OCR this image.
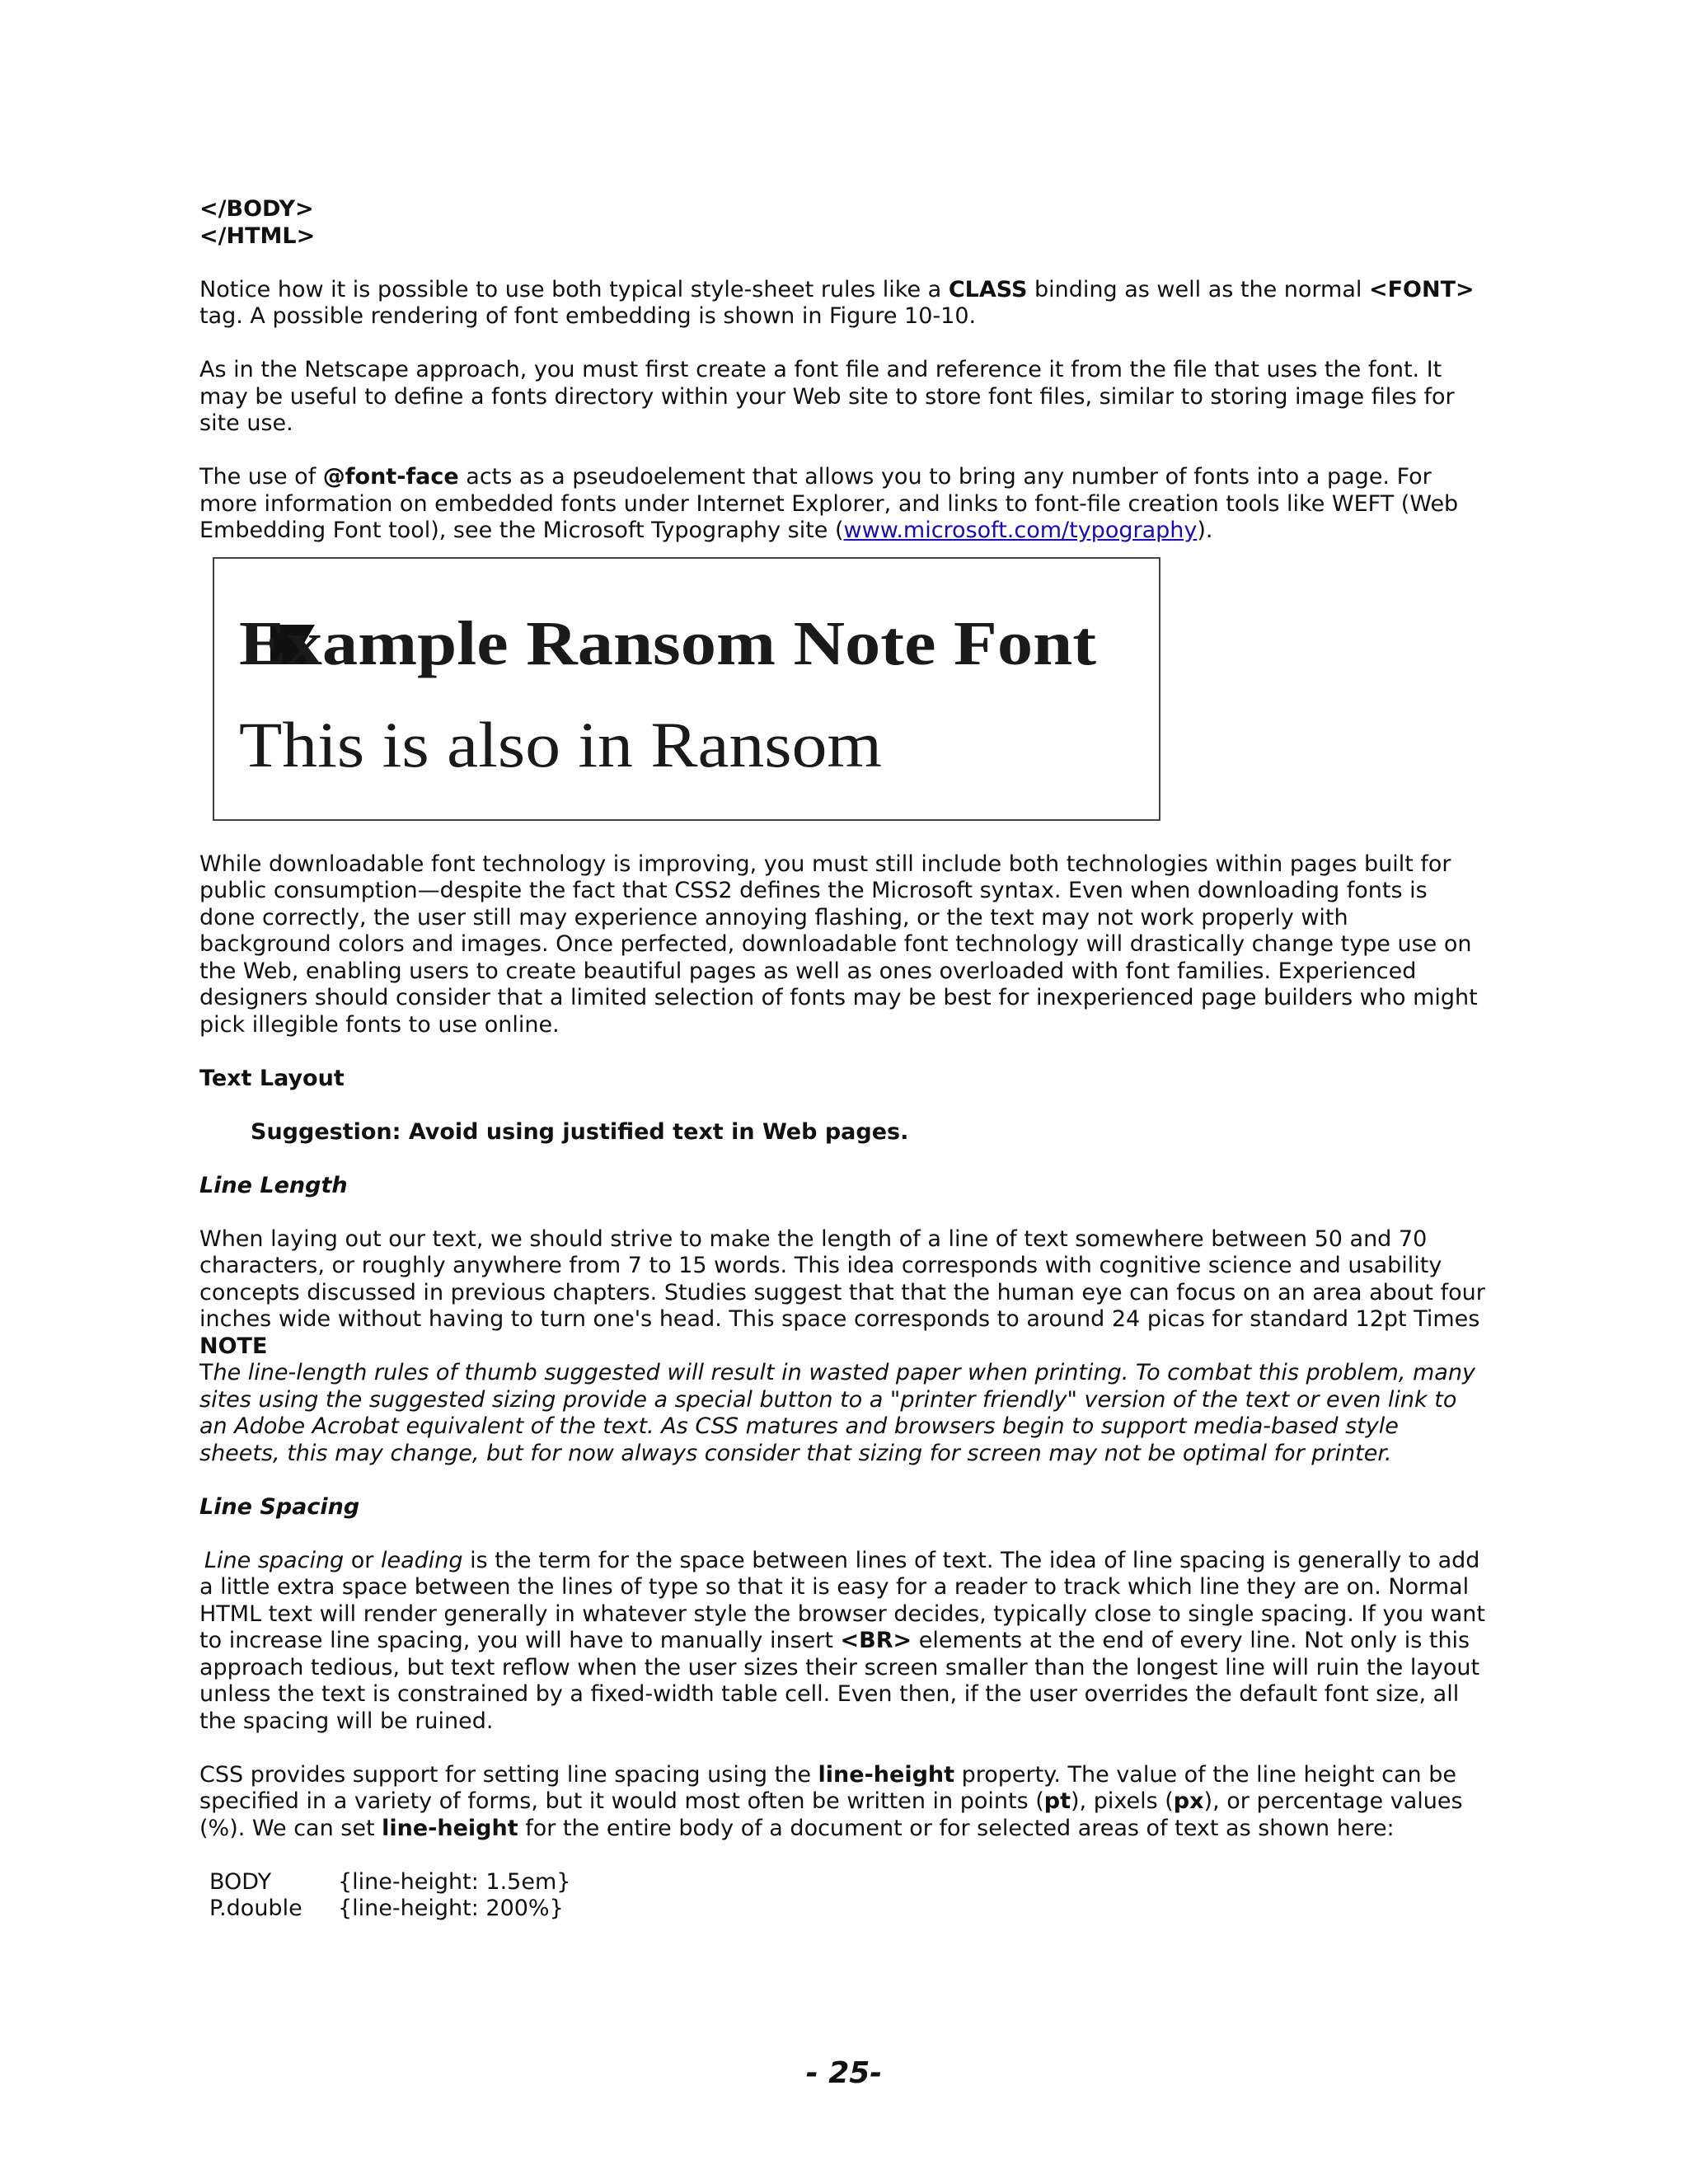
</BODY>

</HTML>

Notice how it is possible to use both typical style-sheet rules like a CLASS binding as well as the normal <FONT> tag. A possible rendering of font embedding is shown in Figure 10-10.

As in the Netscape approach, you must first create a font file and reference it from the file that uses the font. It may be useful to define a fonts directory within your Web site to store font files, similar to storing image files for site use.

The use of @font-face acts as a pseudoelement that allows you to bring any number of fonts into a page. For more information on embedded fonts under Internet Explorer, and links to font-file creation tools like WEFT (Web Embedding Font tool), see the Microsoft Typography site (www.microsoft.com/typography).

While downloadable font technology is improving, you must still include both technologies within pages built for public consumption—despite the fact that CSS2 defines the Microsoft syntax. Even when downloading fonts is done correctly, the user still may experience annoying flashing, or the text may not work properly with background colors and images. Once perfected, downloadable font technology will drastically change type use on the Web, enabling users to create beautiful pages as well as ones overloaded with font families. Experienced designers should consider that a limited selection of fonts may be best for inexperienced page builders who might pick illegible fonts to use online.

Text Layout

Suggestion: Avoid using justified text in Web pages.

Line Length

When laying out our text, we should strive to make the length of a line of text somewhere between 50 and 70 characters, or roughly anywhere from 7 to 15 words. This idea corresponds with cognitive science and usability concepts discussed in previous chapters. Studies suggest that that the human eye can focus on an area about four inches wide without having to turn one's head. This space corresponds to around 24 picas for standard 12pt Times

NOTE

The line-length rules of thumb suggested will result in wasted paper when printing. To combat this problem, many sites using the suggested sizing provide a special button to a "printer friendly" version of the text or even link to an Adobe Acrobat equivalent of the text. As CSS matures and browsers begin to support media-based style sheets, this may change, but for now always consider that sizing for screen may not be optimal for printer.

Line Spacing

Line spacing or leading is the term for the space between lines of text. The idea of line spacing is generally to add a little extra space between the lines of type so that it is easy for a reader to track which line they are on. Normal HTML text will render generally in whatever style the browser decides, typically close to single spacing. If you want to increase line spacing, you will have to manually insert <BR> elements at the end of every line. Not only is this approach tedious, but text reflow when the user sizes their screen smaller than the longest line will ruin the layout unless the text is constrained by a fixed-width table cell. Even then, if the user overrides the default font size, all the spacing will be ruined.

CSS provides support for setting line spacing using the line-height property. The value of the line height can be specified in a variety of forms, but it would most often be written in points (pt), pixels (px), or percentage values (%). We can set line-height for the entire body of a document or for selected areas of text as shown here:

BODY	{line-height: 1.5em}
P.double	{line-height: 200%}
Example Ransom Note Font
This is also in Ransom
- 25-
